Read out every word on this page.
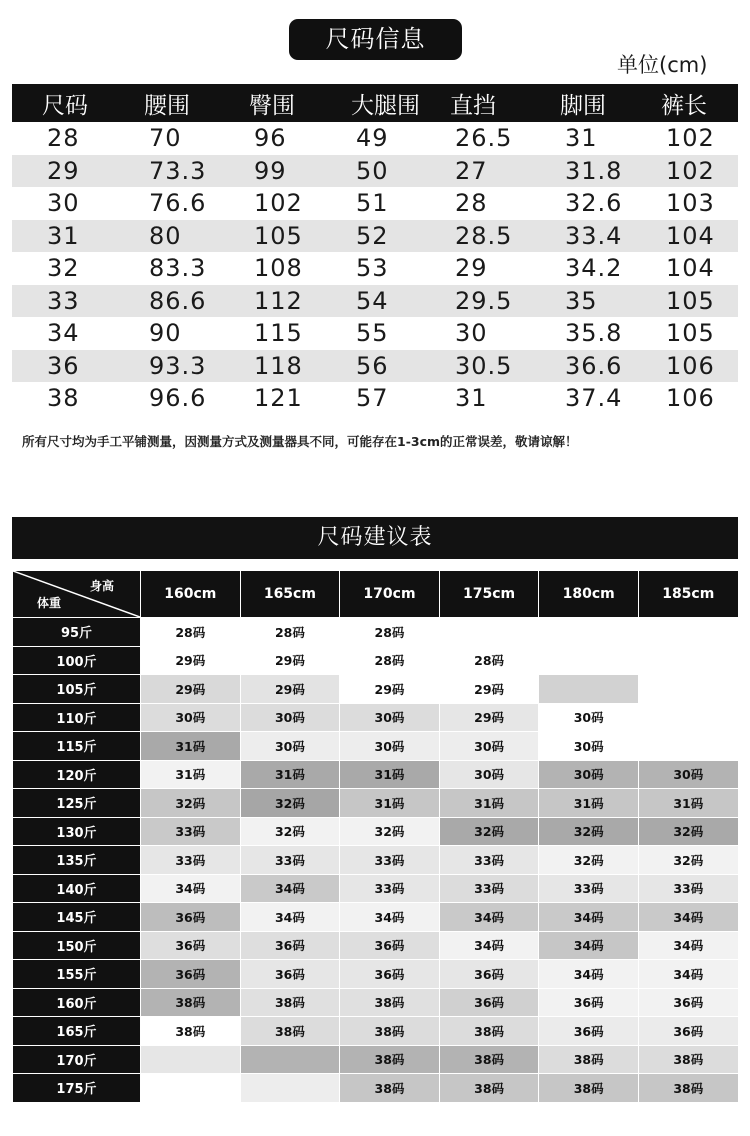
尺码信息
单位(cm)
尺码	腰围	臀围	大腿围	直挡	脚围	裤长
28	70	96	49	26.5	31	102
29	73.3	99	50	27	31.8	102
30	76.6	102	51	28	32.6	103
31	80	105	52	28.5	33.4	104
32	83.3	108	53	29	34.2	104
33	86.6	112	54	29.5	35	105
34	90	115	55	30	35.8	105
36	93.3	118	56	30.5	36.6	106
38	96.6	121	57	31	37.4	106
所有尺寸均为手工平铺测量，因测量方式及测量器具不同，可能存在1-3cm的正常误差，敬请谅解！
尺码建议表
身高
体重	160cm	165cm	170cm	175cm	180cm	185cm
95斤	28码	28码	28码			
100斤	29码	29码	28码	28码		
105斤	29码	29码	29码	29码		
110斤	30码	30码	30码	29码	30码	
115斤	31码	30码	30码	30码	30码	
120斤	31码	31码	31码	30码	30码	30码
125斤	32码	32码	31码	31码	31码	31码
130斤	33码	32码	32码	32码	32码	32码
135斤	33码	33码	33码	33码	32码	32码
140斤	34码	34码	33码	33码	33码	33码
145斤	36码	34码	34码	34码	34码	34码
150斤	36码	36码	36码	34码	34码	34码
155斤	36码	36码	36码	36码	34码	34码
160斤	38码	38码	38码	36码	36码	36码
165斤	38码	38码	38码	38码	36码	36码
170斤			38码	38码	38码	38码
175斤			38码	38码	38码	38码
